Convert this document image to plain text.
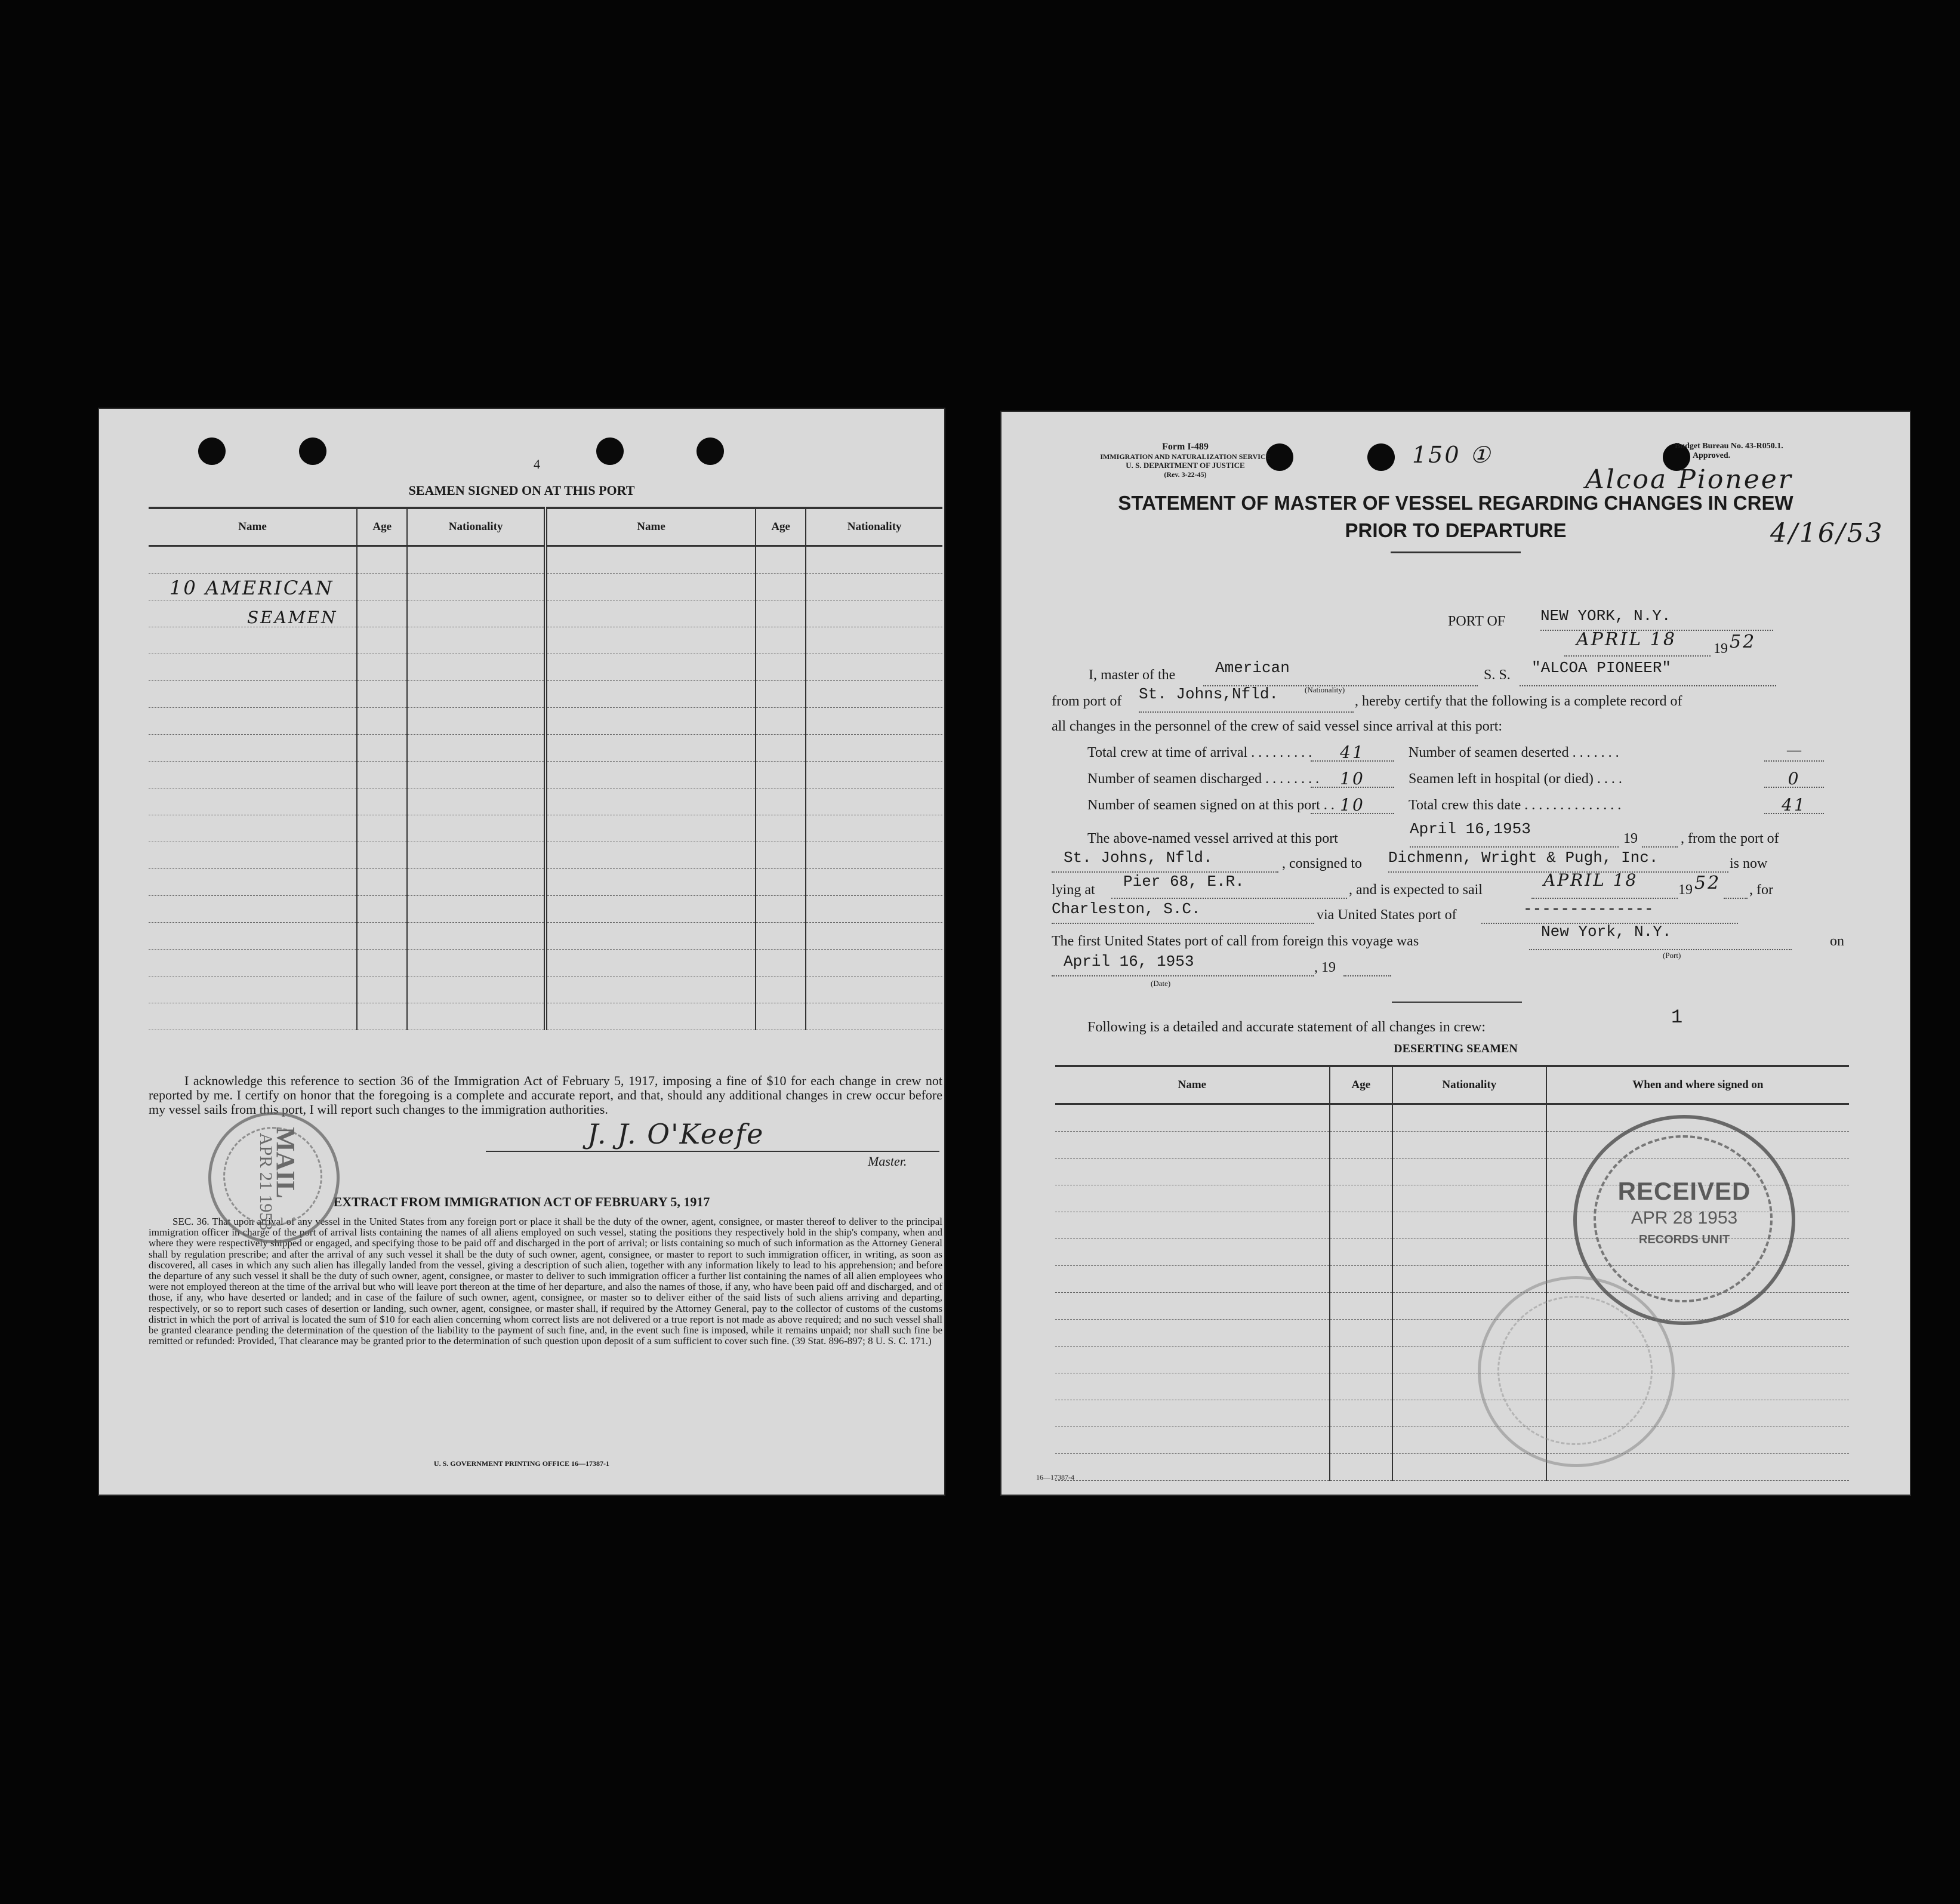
4
SEAMEN SIGNED ON AT THIS PORT
Name	Age	Nationality	Name	Age	Nationality

10 AMERICAN
SEAMEN
I acknowledge this reference to section 36 of the Immigration Act of February 5, 1917, imposing a fine of $10 for each change in crew not reported by me. I certify on honor that the foregoing is a complete and accurate report, and that, should any additional changes in crew occur before my vessel sails from this port, I will report such changes to the immigration authorities.
J. J. O'Keefe
Master.
EXTRACT FROM IMMIGRATION ACT OF FEBRUARY 5, 1917
SEC. 36. That upon arrival of any vessel in the United States from any foreign port or place it shall be the duty of the owner, agent, consignee, or master thereof to deliver to the principal immigration officer in charge of the port of arrival lists containing the names of all aliens employed on such vessel, stating the positions they respectively hold in the ship's company, when and where they were respectively shipped or engaged, and specifying those to be paid off and discharged in the port of arrival; or lists containing so much of such information as the Attorney General shall by regulation prescribe; and after the arrival of any such vessel it shall be the duty of such owner, agent, consignee, or master to report to such immigration officer, in writing, as soon as discovered, all cases in which any such alien has illegally landed from the vessel, giving a description of such alien, together with any information likely to lead to his apprehension; and before the departure of any such vessel it shall be the duty of such owner, agent, consignee, or master to deliver to such immigration officer a further list containing the names of all alien employees who were not employed thereon at the time of the arrival but who will leave port thereon at the time of her departure, and also the names of those, if any, who have been paid off and discharged, and of those, if any, who have deserted or landed; and in case of the failure of such owner, agent, consignee, or master so to deliver either of the said lists of such aliens arriving and departing, respectively, or so to report such cases of desertion or landing, such owner, agent, consignee, or master shall, if required by the Attorney General, pay to the collector of customs of the customs district in which the port of arrival is located the sum of $10 for each alien concerning whom correct lists are not delivered or a true report is not made as above required; and no such vessel shall be granted clearance pending the determination of the question of the liability to the payment of such fine, and, in the event such fine is imposed, while it remains unpaid; nor shall such fine be remitted or refunded: Provided, That clearance may be granted prior to the determination of such question upon deposit of a sum sufficient to cover such fine. (39 Stat. 896-897; 8 U. S. C. 171.)
U. S. GOVERNMENT PRINTING OFFICE 16—17387-1
MAIL
APR 21 1953
Form I-489
IMMIGRATION AND NATURALIZATION SERVICE
U. S. DEPARTMENT OF JUSTICE
(Rev. 3-22-45)
Budget Bureau No. 43-R050.1.
Approved.
150 ①
Alcoa Pioneer
4/16/53
STATEMENT OF MASTER OF VESSEL REGARDING CHANGES IN CREW
PRIOR TO DEPARTURE
PORT OF NEW YORK, N.Y.
APRIL 18	19 52
I, master of the	American
(Nationality)
S. S. "ALCOA PIONEER"
from port of St. Johns,Nfld.	, hereby certify that the following is a complete record of
all changes in the personnel of the crew of said vessel since arrival at this port:
Total crew at time of arrival . . . . . . . . .	41	Number of seamen deserted . . . . . . .	—
Number of seamen discharged . . . . . . . .	10	Seamen left in hospital (or died) . . . .	0
Number of seamen signed on at this port . . 10	Total crew this date . . . . . . . . . . . . . .	41
The above-named vessel arrived at this port
April 16,1953
19	, from the port of
St. Johns, Nfld.	, consigned to Dichmenn, Wright & Pugh, Inc.	is now
lying at Pier 68, E.R.	, and is expected to sail	APRIL 18	19 52 , for
Charleston, S.C.	via United States port of	--------------
The first United States port of call from foreign this voyage was
New York, N.Y.
(Port)
on
April 16, 1953	, 19
(Date)
Following is a detailed and accurate statement of all changes in crew:	1
DESERTING SEAMEN
Name	Age	Nationality	When and where signed on

RECEIVED
APR 28 1953
RECORDS UNIT
16—17387-4
